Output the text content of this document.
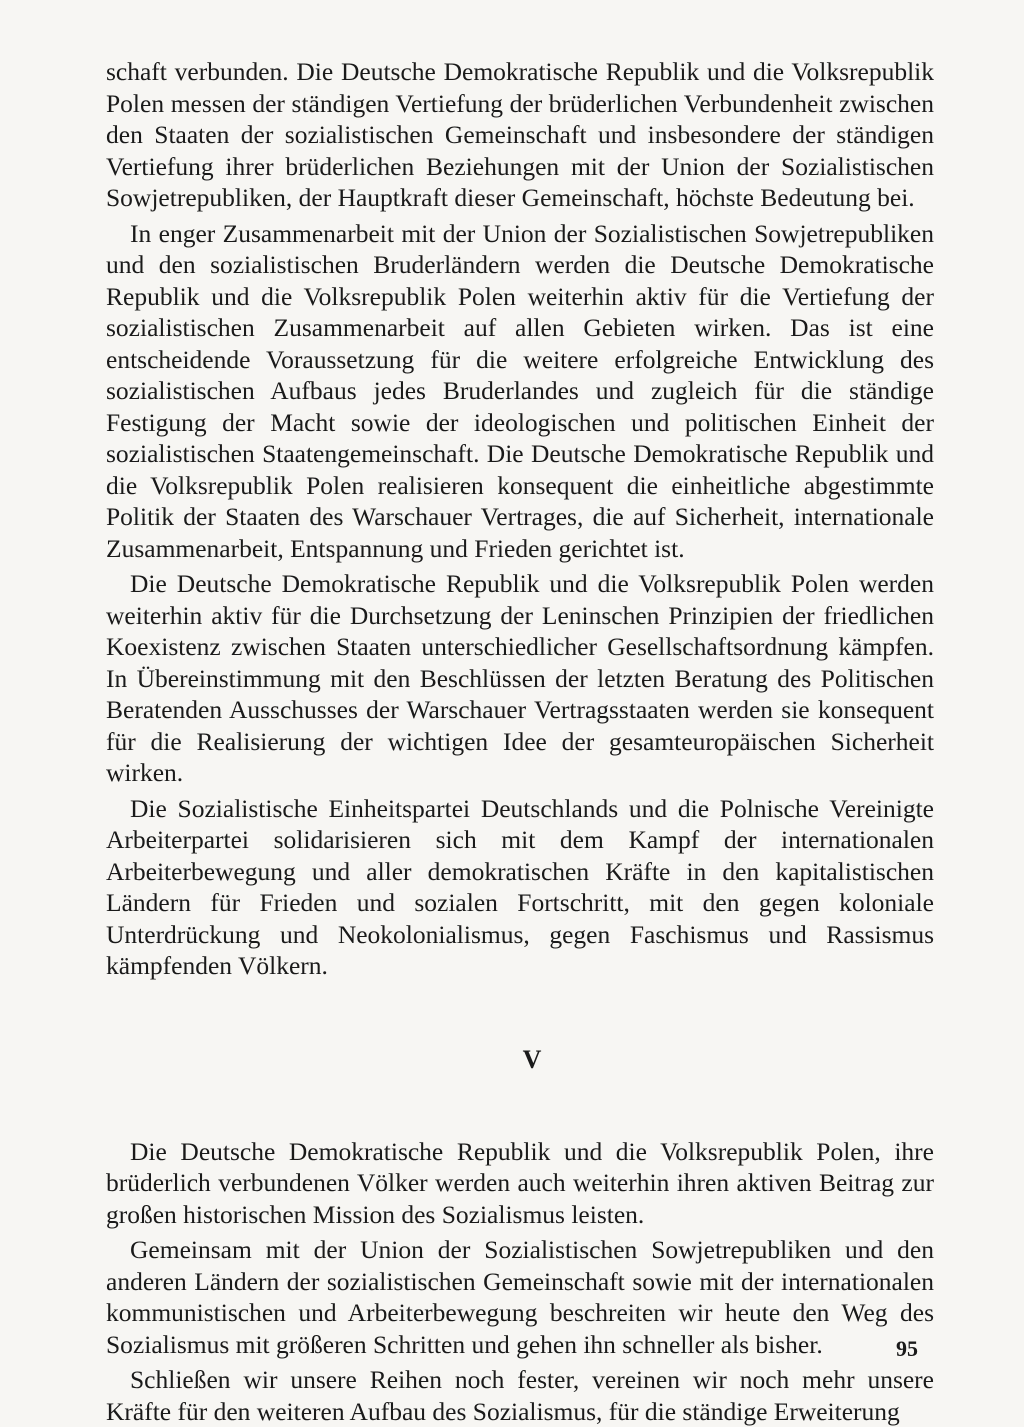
schaft verbunden. Die Deutsche Demokratische Republik und die Volksrepublik Polen messen der ständigen Vertiefung der brüderlichen Verbundenheit zwischen den Staaten der sozialistischen Gemeinschaft und insbesondere der ständigen Vertiefung ihrer brüderlichen Beziehungen mit der Union der Sozialistischen Sowjetrepubliken, der Hauptkraft dieser Gemeinschaft, höchste Bedeutung bei.

In enger Zusammenarbeit mit der Union der Sozialistischen Sowjetrepubliken und den sozialistischen Bruderländern werden die Deutsche Demokratische Republik und die Volksrepublik Polen weiterhin aktiv für die Vertiefung der sozialistischen Zusammenarbeit auf allen Gebieten wirken. Das ist eine entscheidende Voraussetzung für die weitere erfolgreiche Entwicklung des sozialistischen Aufbaus jedes Bruderlandes und zugleich für die ständige Festigung der Macht sowie der ideologischen und politischen Einheit der sozialistischen Staatengemeinschaft. Die Deutsche Demokratische Republik und die Volksrepublik Polen realisieren konsequent die einheitliche abgestimmte Politik der Staaten des Warschauer Vertrages, die auf Sicherheit, internationale Zusammenarbeit, Entspannung und Frieden gerichtet ist.

Die Deutsche Demokratische Republik und die Volksrepublik Polen werden weiterhin aktiv für die Durchsetzung der Leninschen Prinzipien der friedlichen Koexistenz zwischen Staaten unterschiedlicher Gesellschaftsordnung kämpfen. In Übereinstimmung mit den Beschlüssen der letzten Beratung des Politischen Beratenden Ausschusses der Warschauer Vertragsstaaten werden sie konsequent für die Realisierung der wichtigen Idee der gesamteuropäischen Sicherheit wirken.

Die Sozialistische Einheitspartei Deutschlands und die Polnische Vereinigte Arbeiterpartei solidarisieren sich mit dem Kampf der internationalen Arbeiterbewegung und aller demokratischen Kräfte in den kapitalistischen Ländern für Frieden und sozialen Fortschritt, mit den gegen koloniale Unterdrückung und Neokolonialismus, gegen Faschismus und Rassismus kämpfenden Völkern.

V

Die Deutsche Demokratische Republik und die Volksrepublik Polen, ihre brüderlich verbundenen Völker werden auch weiterhin ihren aktiven Beitrag zur großen historischen Mission des Sozialismus leisten.

Gemeinsam mit der Union der Sozialistischen Sowjetrepubliken und den anderen Ländern der sozialistischen Gemeinschaft sowie mit der internationalen kommunistischen und Arbeiterbewegung beschreiten wir heute den Weg des Sozialismus mit größeren Schritten und gehen ihn schneller als bisher.

Schließen wir unsere Reihen noch fester, vereinen wir noch mehr unsere Kräfte für den weiteren Aufbau des Sozialismus, für die ständige Erweiterung

95
